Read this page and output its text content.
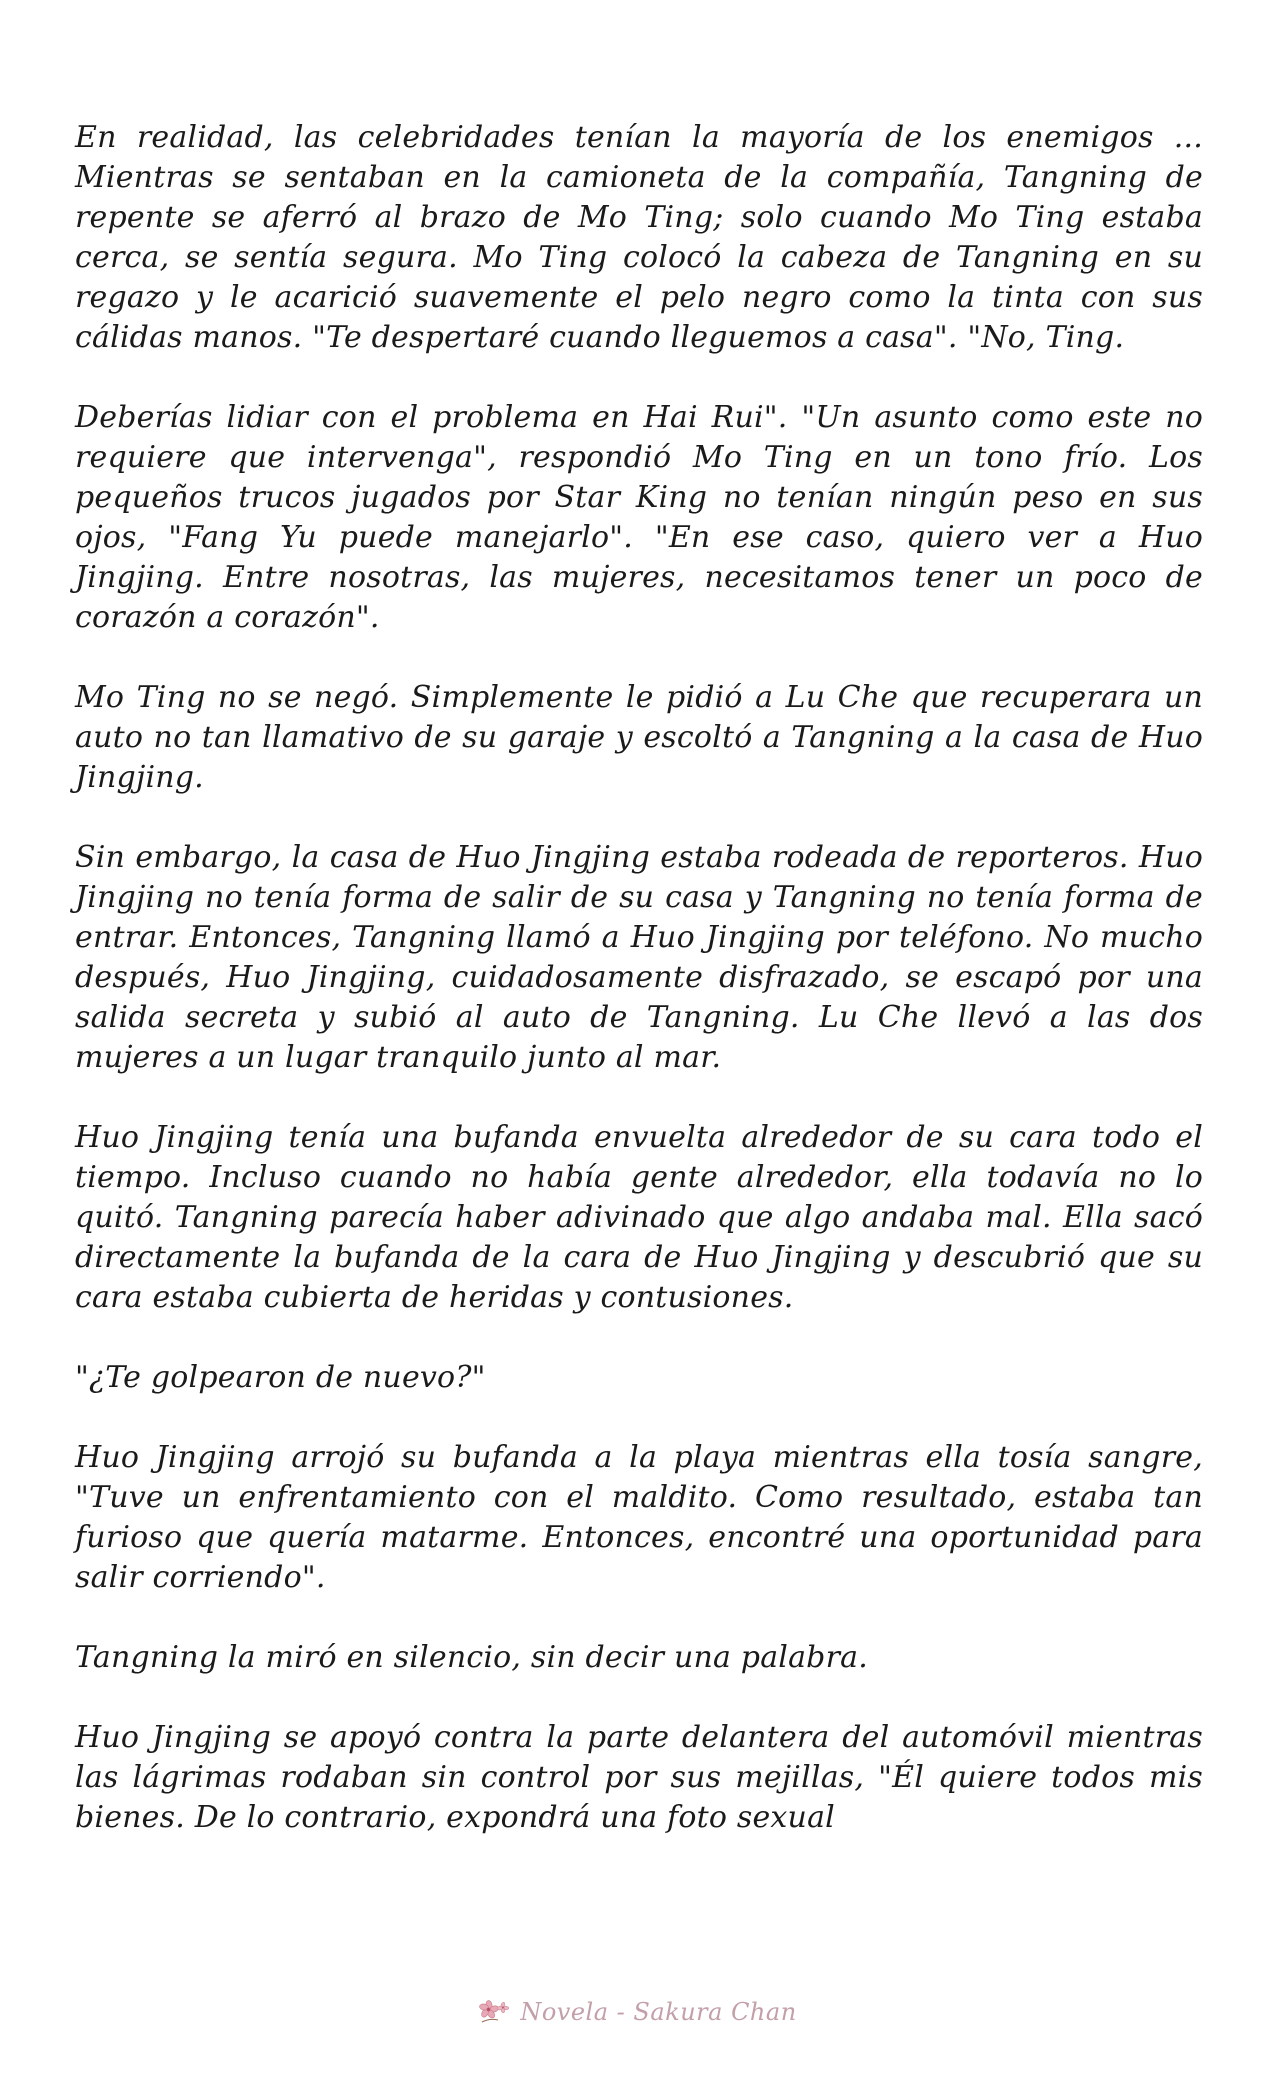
En realidad, las celebridades tenían la mayoría de los enemigos ... Mientras se sentaban en la camioneta de la compañía, Tangning de repente se aferró al brazo de Mo Ting; solo cuando Mo Ting estaba cerca, se sentía segura. Mo Ting colocó la cabeza de Tangning en su regazo y le acarició suavemente el pelo negro como la tinta con sus cálidas manos. "Te despertaré cuando lleguemos a casa". "No, Ting.

Deberías lidiar con el problema en Hai Rui". "Un asunto como este no requiere que intervenga", respondió Mo Ting en un tono frío. Los pequeños trucos jugados por Star King no tenían ningún peso en sus ojos, "Fang Yu puede manejarlo". "En ese caso, quiero ver a Huo Jingjing. Entre nosotras, las mujeres, necesitamos tener un poco de corazón a corazón".

Mo Ting no se negó. Simplemente le pidió a Lu Che que recuperara un auto no tan llamativo de su garaje y escoltó a Tangning a la casa de Huo Jingjing.

Sin embargo, la casa de Huo Jingjing estaba rodeada de reporteros. Huo Jingjing no tenía forma de salir de su casa y Tangning no tenía forma de entrar. Entonces, Tangning llamó a Huo Jingjing por teléfono. No mucho después, Huo Jingjing, cuidadosamente disfrazado, se escapó por una salida secreta y subió al auto de Tangning. Lu Che llevó a las dos mujeres a un lugar tranquilo junto al mar.

Huo Jingjing tenía una bufanda envuelta alrededor de su cara todo el tiempo. Incluso cuando no había gente alrededor, ella todavía no lo quitó. Tangning parecía haber adivinado que algo andaba mal. Ella sacó directamente la bufanda de la cara de Huo Jingjing y descubrió que su cara estaba cubierta de heridas y contusiones.

"¿Te golpearon de nuevo?"

Huo Jingjing arrojó su bufanda a la playa mientras ella tosía sangre, "Tuve un enfrentamiento con el maldito. Como resultado, estaba tan furioso que quería matarme. Entonces, encontré una oportunidad para salir corriendo".

Tangning la miró en silencio, sin decir una palabra.

Huo Jingjing se apoyó contra la parte delantera del automóvil mientras las lágrimas rodaban sin control por sus mejillas, "Él quiere todos mis bienes. De lo contrario, expondrá una foto sexual

Novela - Sakura Chan
